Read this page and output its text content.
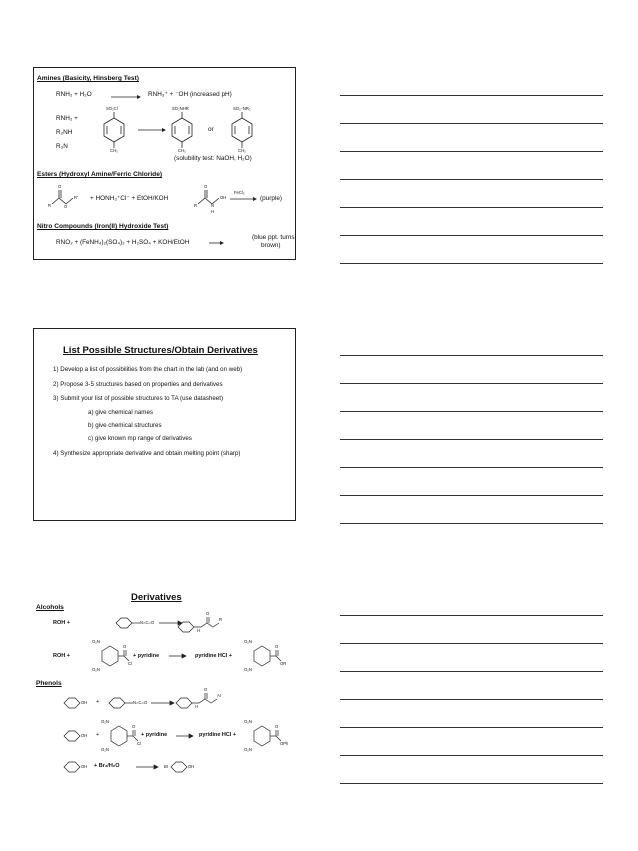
Amines (Basicity, Hinsberg Test)
RNH₂ + H₂O	RNH₃⁺ + ⁻OH (increased pH)
RNH₂ +
R₂NH
R₃N
SO₂Cl
CH₃
SO₂NHR
CH₃
or
SO₂⁻NR₂
CH₃
(solubility test: NaOH, H₂O)
Esters (Hydroxyl Amine/Ferric Chloride)
R
O
O
R' + HONH₃⁺Cl⁻ + EtOH/KOH
R
O
N
H
OH
FeCl₃
(purple)
Nitro Compounds (Iron(II) Hydroxide Test)
RNO₂ + (FeNH₄)₂(SO₄)₂ + H₂SO₄ + KOH/EtOH
(blue ppt. turns
brown)
List Possible Structures/Obtain Derivatives
1) Develop a list of possibilities from the chart in the lab (and on web)
2) Propose 3-5 structures based on properties and derivatives
3) Submit your list of possible structures to TA (use datasheet)
a) give chemical names
b) give chemical structures
c) give known mp range of derivatives
4) Synthesize appropriate derivative and obtain melting point (sharp)
Derivatives
Alcohols
ROH +	N=C=O
O
H
R
ROH +
O₂N
O₂N
O
Cl
+ pyridine	pyridine HCl +
O₂N
O₂N
O
OR
Phenols
OH +	N=C=O
O
H
Ar
OH +
O₂N
O₂N
O
Cl
+ pyridine	pyridine HCl +
O₂N
O₂N
O
OPh
OH + Br₂/H₂O	Br	OH
